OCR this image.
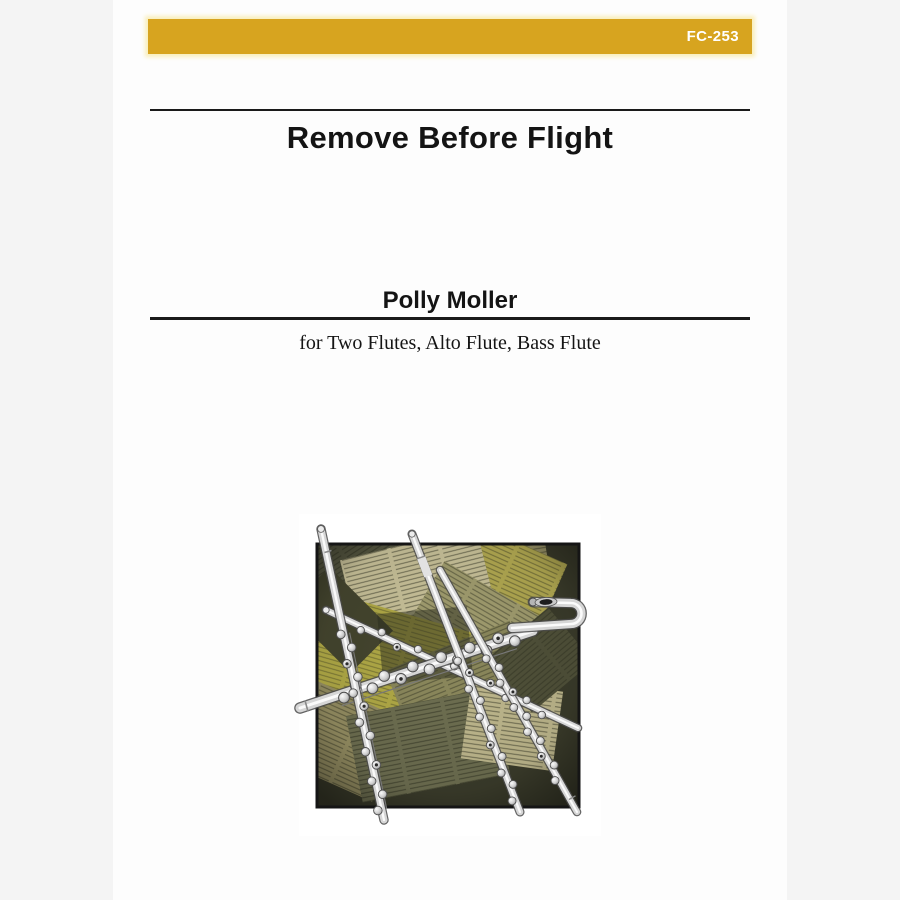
FC-253
Remove Before Flight
Polly Moller

for Two Flutes, Alto Flute, Bass Flute
